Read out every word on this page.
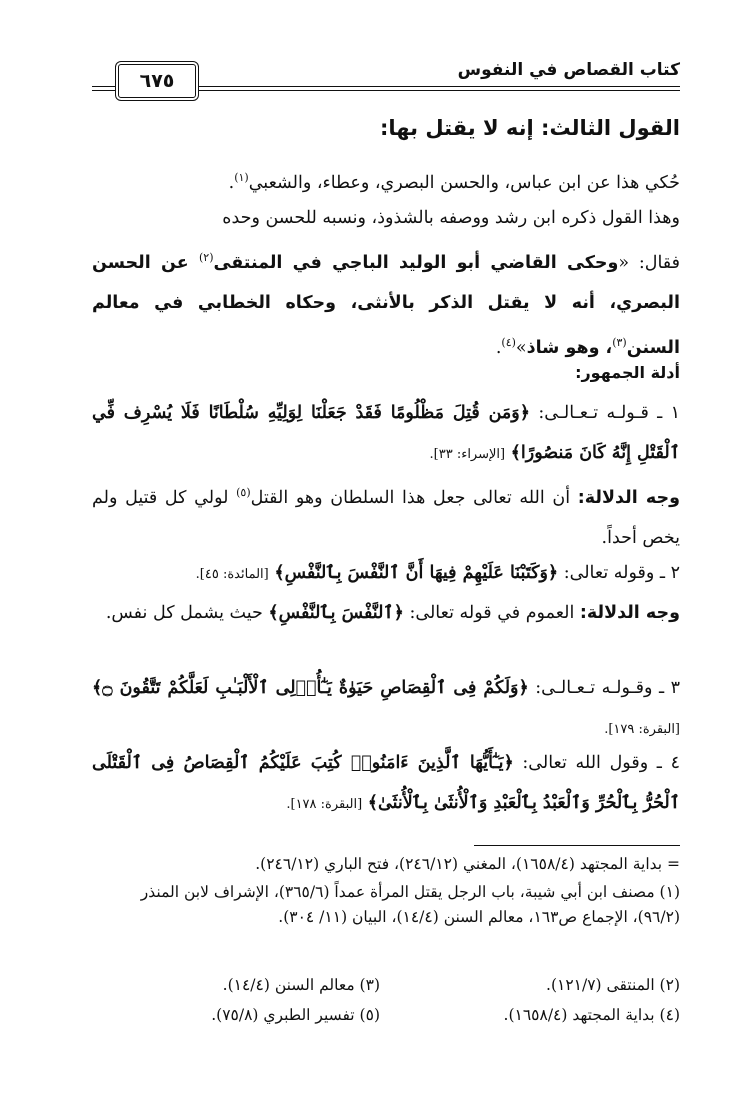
كتاب القصاص في النفوس
٦٧٥
القول الثالث: إنه لا يقتل بها:
حُكي هذا عن ابن عباس، والحسن البصري، وعطاء، والشعبي$^{(١)}$.
وهذا القول ذكره ابن رشد ووصفه بالشذوذ، ونسبه للحسن وحده
فقال: «وحكى القاضي أبو الوليد الباجي في المنتقى$^{(٢)}$ عن الحسن البصري، أنه لا يقتل الذكر بالأنثى، وحكاه الخطابي في معالم السنن$^{(٣)}$، وهو شاذ»$^{(٤)}$.
أدلة الجمهور:
١ ـ قـولـه تـعـالـى: ﴿وَمَن قُتِلَ مَظْلُومًا فَقَدْ جَعَلْنَا لِوَلِيِّهِ سُلْطَانًا فَلَا يُسْرِف فِّي ٱلْقَتْلِ إِنَّهُ كَانَ مَنصُورًا﴾ [الإسراء: ٣٣].
وجه الدلالة: أن الله تعالى جعل هذا السلطان وهو القتل$^{(٥)}$ لولي كل قتيل ولم يخص أحداً.
٢ ـ وقوله تعالى: ﴿وَكَتَبْنَا عَلَيْهِمْ فِيهَا أَنَّ ٱلنَّفْسَ بِٱلنَّفْسِ﴾ [المائدة: ٤٥].
وجه الدلالة: العموم في قوله تعالى: ﴿ٱلنَّفْسَ بِٱلنَّفْسِ﴾ حيث يشمل كل نفس.
٣ ـ وقـولـه تـعـالـى: ﴿وَلَكُمْ فِى ٱلْقِصَاصِ حَيَوٰةٌ يَـٰٓأُو۟لِى ٱلْأَلْبَـٰبِ لَعَلَّكُمْ تَتَّقُونَ ۝﴾ [البقرة: ١٧٩].
٤ ـ وقول الله تعالى: ﴿يَـٰٓأَيُّهَا ٱلَّذِينَ ءَامَنُوا۟ كُتِبَ عَلَيْكُمُ ٱلْقِصَاصُ فِى ٱلْقَتْلَى ٱلْحُرُّ بِٱلْحُرِّ وَٱلْعَبْدُ بِٱلْعَبْدِ وَٱلْأُنثَىٰ بِٱلْأُنثَىٰ﴾ [البقرة: ١٧٨].
= بداية المجتهد (١٦٥٨/٤)، المغني (٢٤٦/١٢)، فتح الباري (٢٤٦/١٢).
(١) مصنف ابن أبي شيبة، باب الرجل يقتل المرأة عمداً (٣٦٥/٦)، الإشراف لابن المنذر (٩٦/٢)، الإجماع ص١٦٣، معالم السنن (١٤/٤)، البيان (١١/ ٣٠٤).
(٢) المنتقى (١٢١/٧).
(٣) معالم السنن (١٤/٤).
(٤) بداية المجتهد (١٦٥٨/٤).
(٥) تفسير الطبري (٧٥/٨).
